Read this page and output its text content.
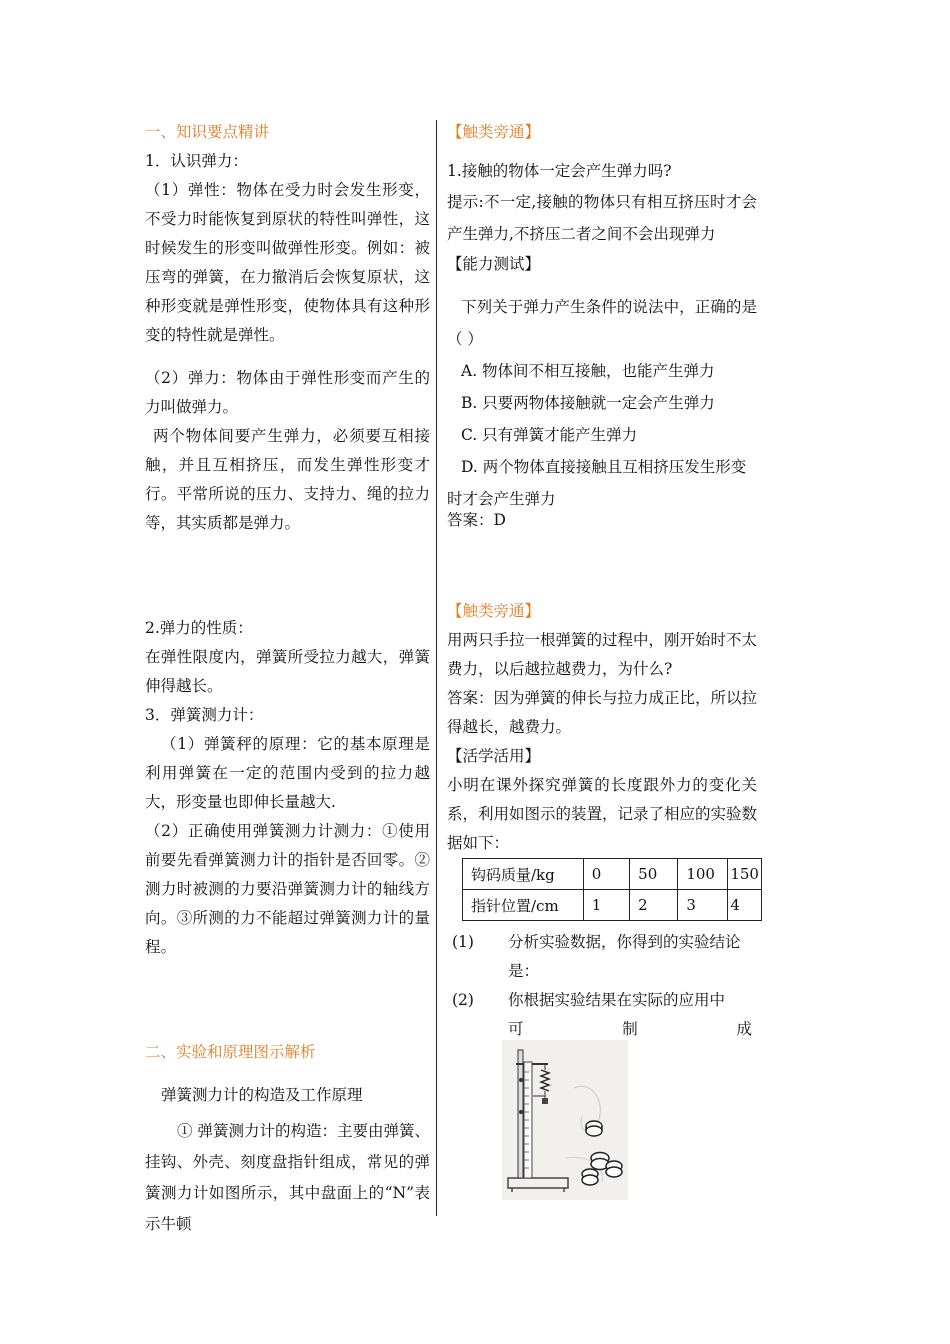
一、知识要点精讲

1．认识弹力：

（1）弹性：物体在受力时会发生形变，不受力时能恢复到原状的特性叫弹性，这时候发生的形变叫做弹性形变。例如：被压弯的弹簧，在力撤消后会恢复原状，这种形变就是弹性形变，使物体具有这种形变的特性就是弹性。

（2）弹力：物体由于弹性形变而产生的力叫做弹力。

两个物体间要产生弹力，必须要互相接触，并且互相挤压，而发生弹性形变才行。平常所说的压力、支持力、绳的拉力等，其实质都是弹力。

2.弹力的性质：

在弹性限度内，弹簧所受拉力越大，弹簧伸得越长。

3．弹簧测力计：

（1）弹簧秤的原理：它的基本原理是利用弹簧在一定的范围内受到的拉力越大，形变量也即伸长量越大.

（2）正确使用弹簧测力计测力：①使用前要先看弹簧测力计的指针是否回零。②测力时被测的力要沿弹簧测力计的轴线方向。③所测的力不能超过弹簧测力计的量程。

二、实验和原理图示解析

弹簧测力计的构造及工作原理

① 弹簧测力计的构造：主要由弹簧、挂钩、外壳、刻度盘指针组成，常见的弹簧测力计如图所示，其中盘面上的“N”表示牛顿

【触类旁通】

1.接触的物体一定会产生弹力吗?

提示:不一定,接触的物体只有相互挤压时才会产生弹力,不挤压二者之间不会出现弹力

【能力测试】

下列关于弹力产生条件的说法中，正确的是（ ）

A. 物体间不相互接触，也能产生弹力

B. 只要两物体接触就一定会产生弹力

C. 只有弹簧才能产生弹力

D. 两个物体直接接触且互相挤压发生形变时才会产生弹力

答案：D

【触类旁通】

用两只手拉一根弹簧的过程中，刚开始时不太费力，以后越拉越费力，为什么?

答案：因为弹簧的伸长与拉力成正比，所以拉得越长，越费力。

【活学活用】

小明在课外探究弹簧的长度跟外力的变化关系，利用如图示的装置，记录了相应的实验数据如下：

钩码质量/kg	0	50	100	150
指针位置/cm	1	2	3	4
(1)	分析实验数据，你得到的实验结论是：
(2)	你根据实验结果在实际的应用中
可	制	成
